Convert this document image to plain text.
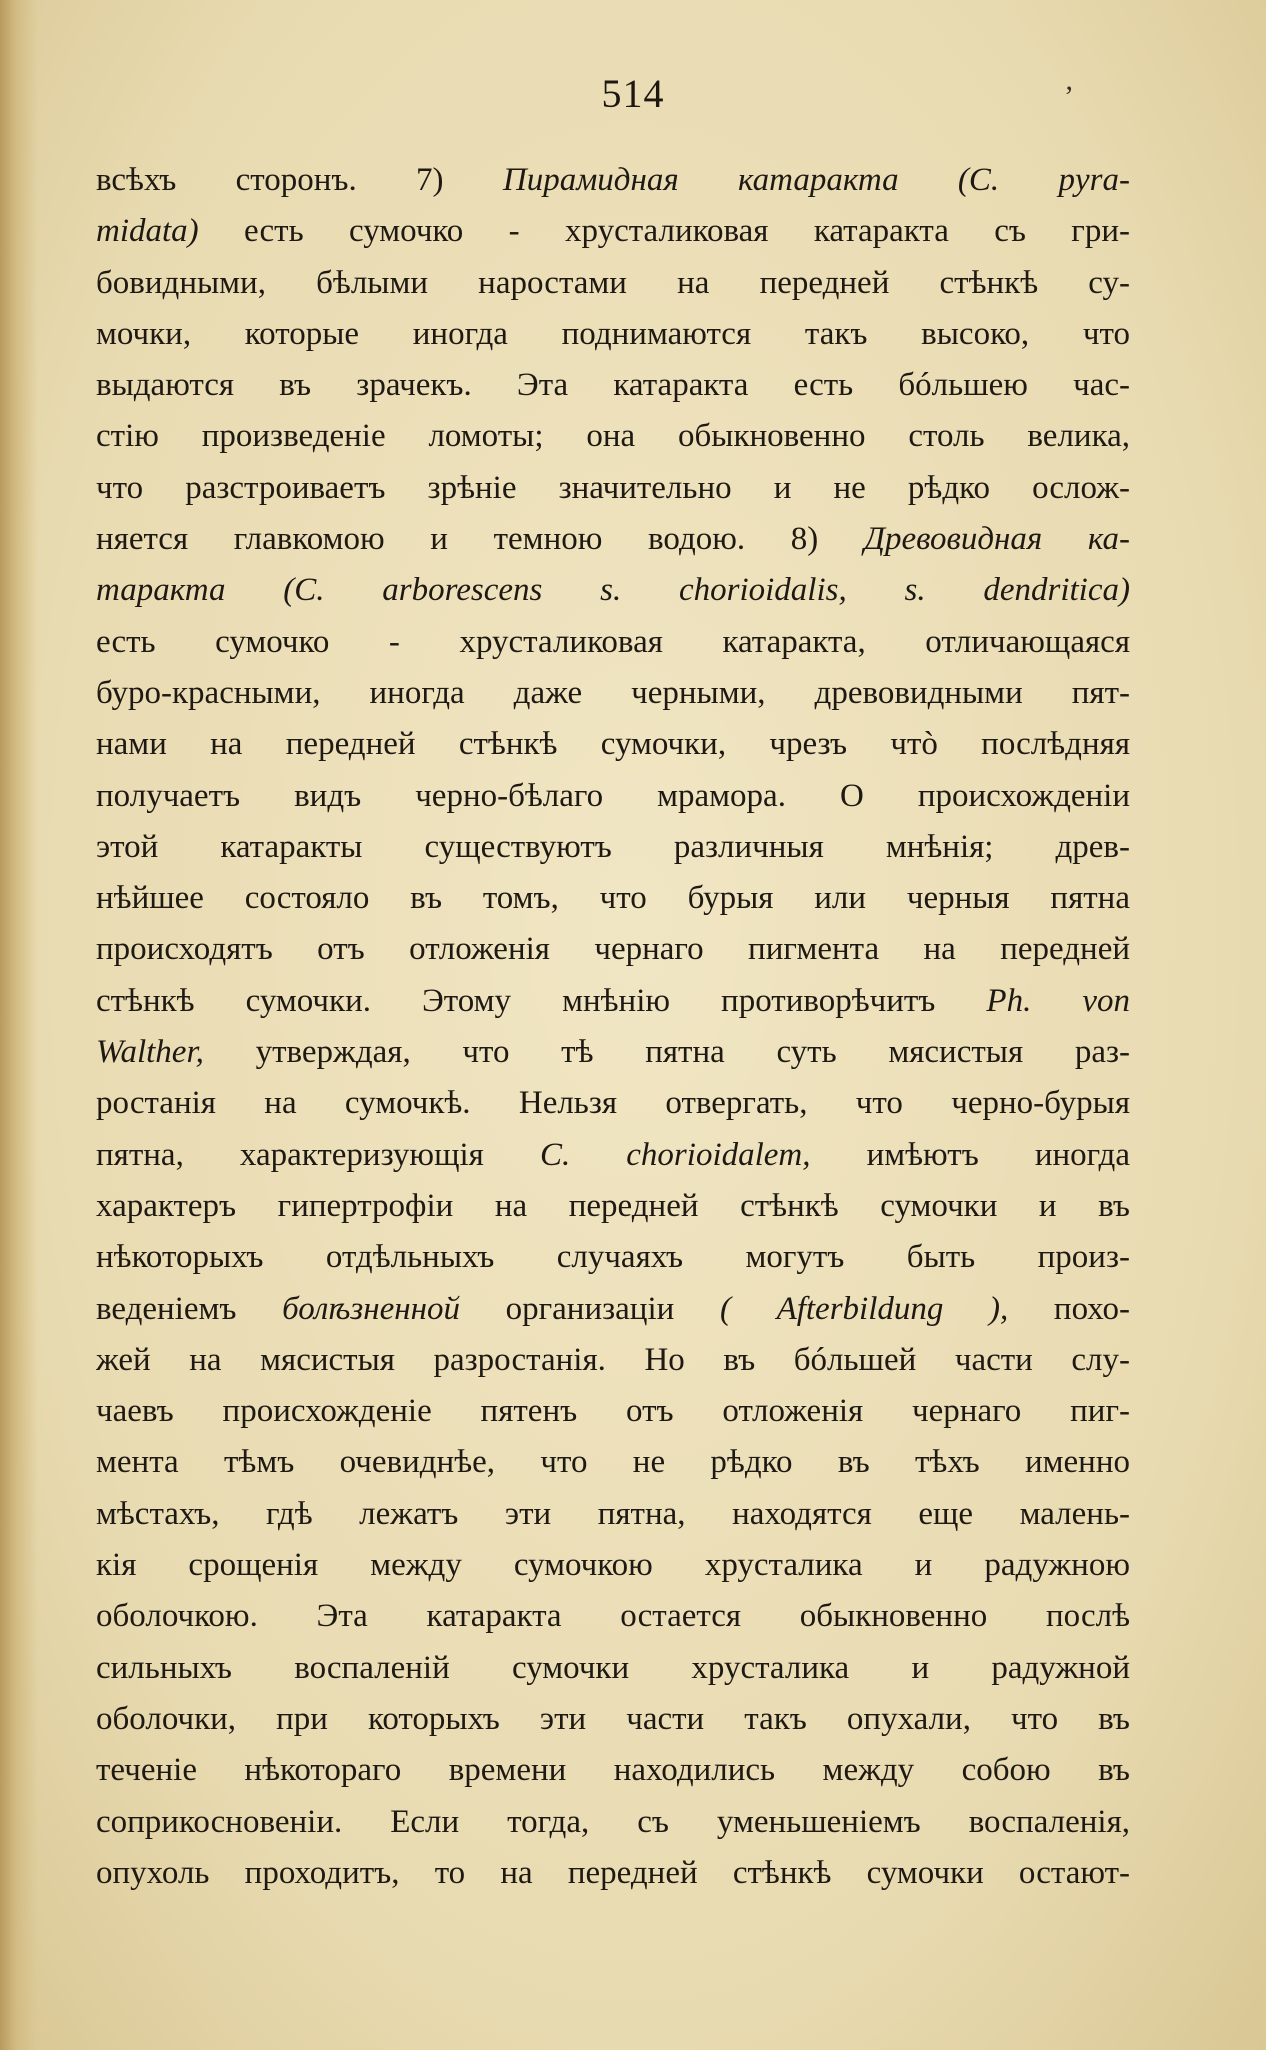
514	’
всѣхъ сторонъ. 7) Пирамидная катаракта (C. pyra-
midata) есть сумочко - хрусталиковая катаракта съ гри-
бовидными, бѣлыми наростами на передней стѣнкѣ су-
мочки, которые иногда поднимаются такъ высоко, что
выдаются въ зрачекъ. Эта катаракта есть бóльшею час-
стію произведеніе ломоты; она обыкновенно столь велика,
что разстроиваетъ зрѣніе значительно и не рѣдко ослож-
няется главкомою и темною водою. 8) Древовидная ка-
таракта (C. arborescens s. chorioidalis, s. dendritica)
есть сумочко - хрусталиковая катаракта, отличающаяся
буро-красными, иногда даже черными, древовидными пят-
нами на передней стѣнкѣ сумочки, чрезъ чтò послѣдняя
получаетъ видъ черно-бѣлаго мрамора. О происхожденіи
этой катаракты существуютъ различныя мнѣнія; древ-
нѣйшее состояло въ томъ, что бурыя или черныя пятна
происходятъ отъ отложенія чернаго пигмента на передней
стѣнкѣ сумочки. Этому мнѣнію противорѣчитъ Ph. von
Walther, утверждая, что тѣ пятна суть мясистыя раз-
ростанія на сумочкѣ. Нельзя отвергать, что черно-бурыя
пятна, характеризующія C. chorioidalem, имѣютъ иногда
характеръ гипертрофіи на передней стѣнкѣ сумочки и въ
нѣкоторыхъ отдѣльныхъ случаяхъ могутъ быть произ-
веденіемъ болѣзненной организаціи ( Afterbildung ), похо-
жей на мясистыя разростанія. Но въ бóльшей части слу-
чаевъ происхожденіе пятенъ отъ отложенія чернаго пиг-
мента тѣмъ очевиднѣе, что не рѣдко въ тѣхъ именно
мѣстахъ, гдѣ лежатъ эти пятна, находятся еще малень-
кія срощенія между сумочкою хрусталика и радужною
оболочкою. Эта катаракта остается обыкновенно послѣ
сильныхъ воспаленій сумочки хрусталика и радужной
оболочки, при которыхъ эти части такъ опухали, что въ
теченіе нѣкотораго времени находились между собою въ
соприкосновеніи. Если тогда, съ уменьшеніемъ воспаленія,
опухоль проходитъ, то на передней стѣнкѣ сумочки остают-
